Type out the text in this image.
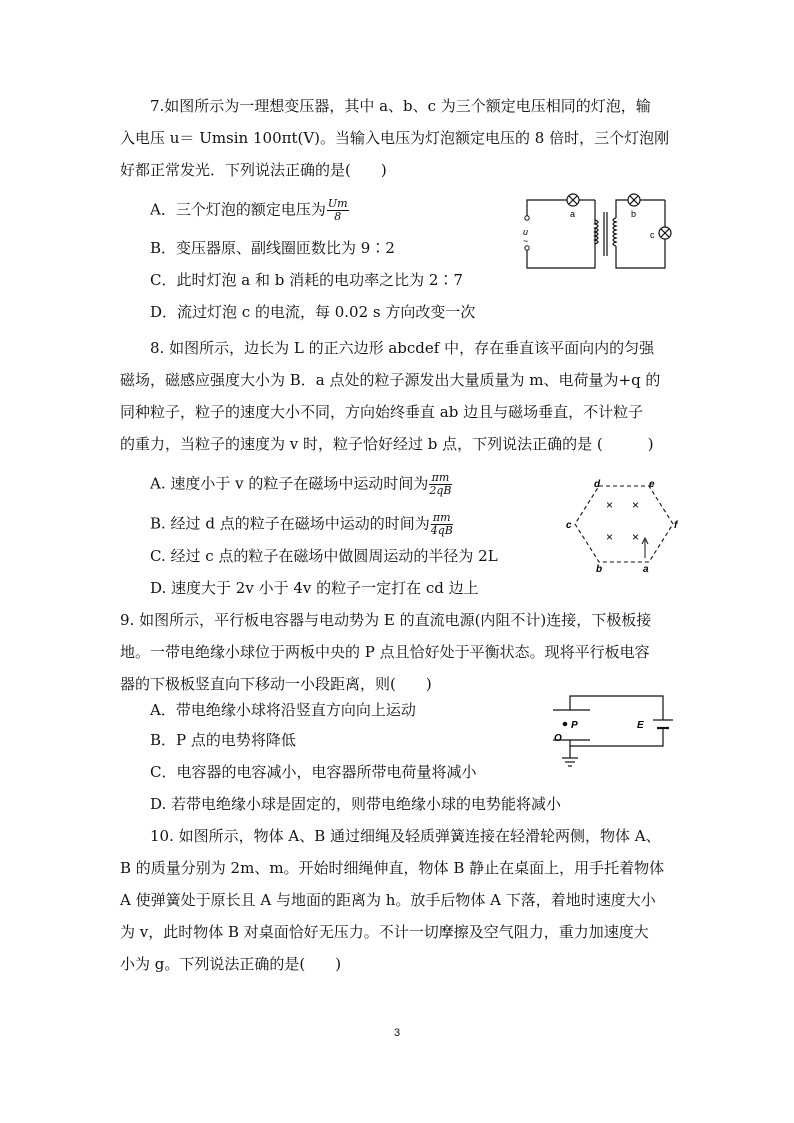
7.如图所示为一理想变压器，其中 a、b、c 为三个额定电压相同的灯泡，输
入电压 u＝ Umsin 100πt(V)。当输入电压为灯泡额定电压的 8 倍时，三个灯泡刚
好都正常发光．下列说法正确的是(　　)
A．三个灯泡的额定电压为 $\frac{Um}{8}$
B．变压器原、副线圈匝数比为 9∶2
C．此时灯泡 a 和 b 消耗的电功率之比为 2∶7
D．流过灯泡 c 的电流，每 0.02 s 方向改变一次
u
~
a	b
c
8. 如图所示，边长为 L 的正六边形 abcdef 中，存在垂直该平面向内的匀强
磁场，磁感应强度大小为 B．a 点处的粒子源发出大量质量为 m、电荷量为+q 的
同种粒子，粒子的速度大小不同，方向始终垂直 ab 边且与磁场垂直，不计粒子
的重力，当粒子的速度为 v 时，粒子恰好经过 b 点，下列说法正确的是 (　　　)
A. 速度小于 v 的粒子在磁场中运动时间为 $\frac{\pi m}{2qB}$
B. 经过 d 点的粒子在磁场中运动的时间为 $\frac{\pi m}{4qB}$
C. 经过 c 点的粒子在磁场中做圆周运动的半径为 2L
D. 速度大于 2v 小于 4v 的粒子一定打在 cd 边上
× ×
× ×
d	e
c	f
b	a
9. 如图所示，平行板电容器与电动势为 E 的直流电源(内阻不计)连接，下极板接
地。一带电绝缘小球位于两板中央的 P 点且恰好处于平衡状态。现将平行板电容
器的下极板竖直向下移动一小段距离，则(　　)
A．带电绝缘小球将沿竖直方向向上运动
B．P 点的电势将降低
C．电容器的电容减小，电容器所带电荷量将减小
D. 若带电绝缘小球是固定的，则带电绝缘小球的电势能将减小
P
O
E
10. 如图所示，物体 A、B 通过细绳及轻质弹簧连接在轻滑轮两侧，物体 A、
B 的质量分别为 2m、m。开始时细绳伸直，物体 B 静止在桌面上，用手托着物体
A 使弹簧处于原长且 A 与地面的距离为 h。放手后物体 A 下落，着地时速度大小
为 v，此时物体 B 对桌面恰好无压力。不计一切摩擦及空气阻力，重力加速度大
小为 g。下列说法正确的是(　　)
3
